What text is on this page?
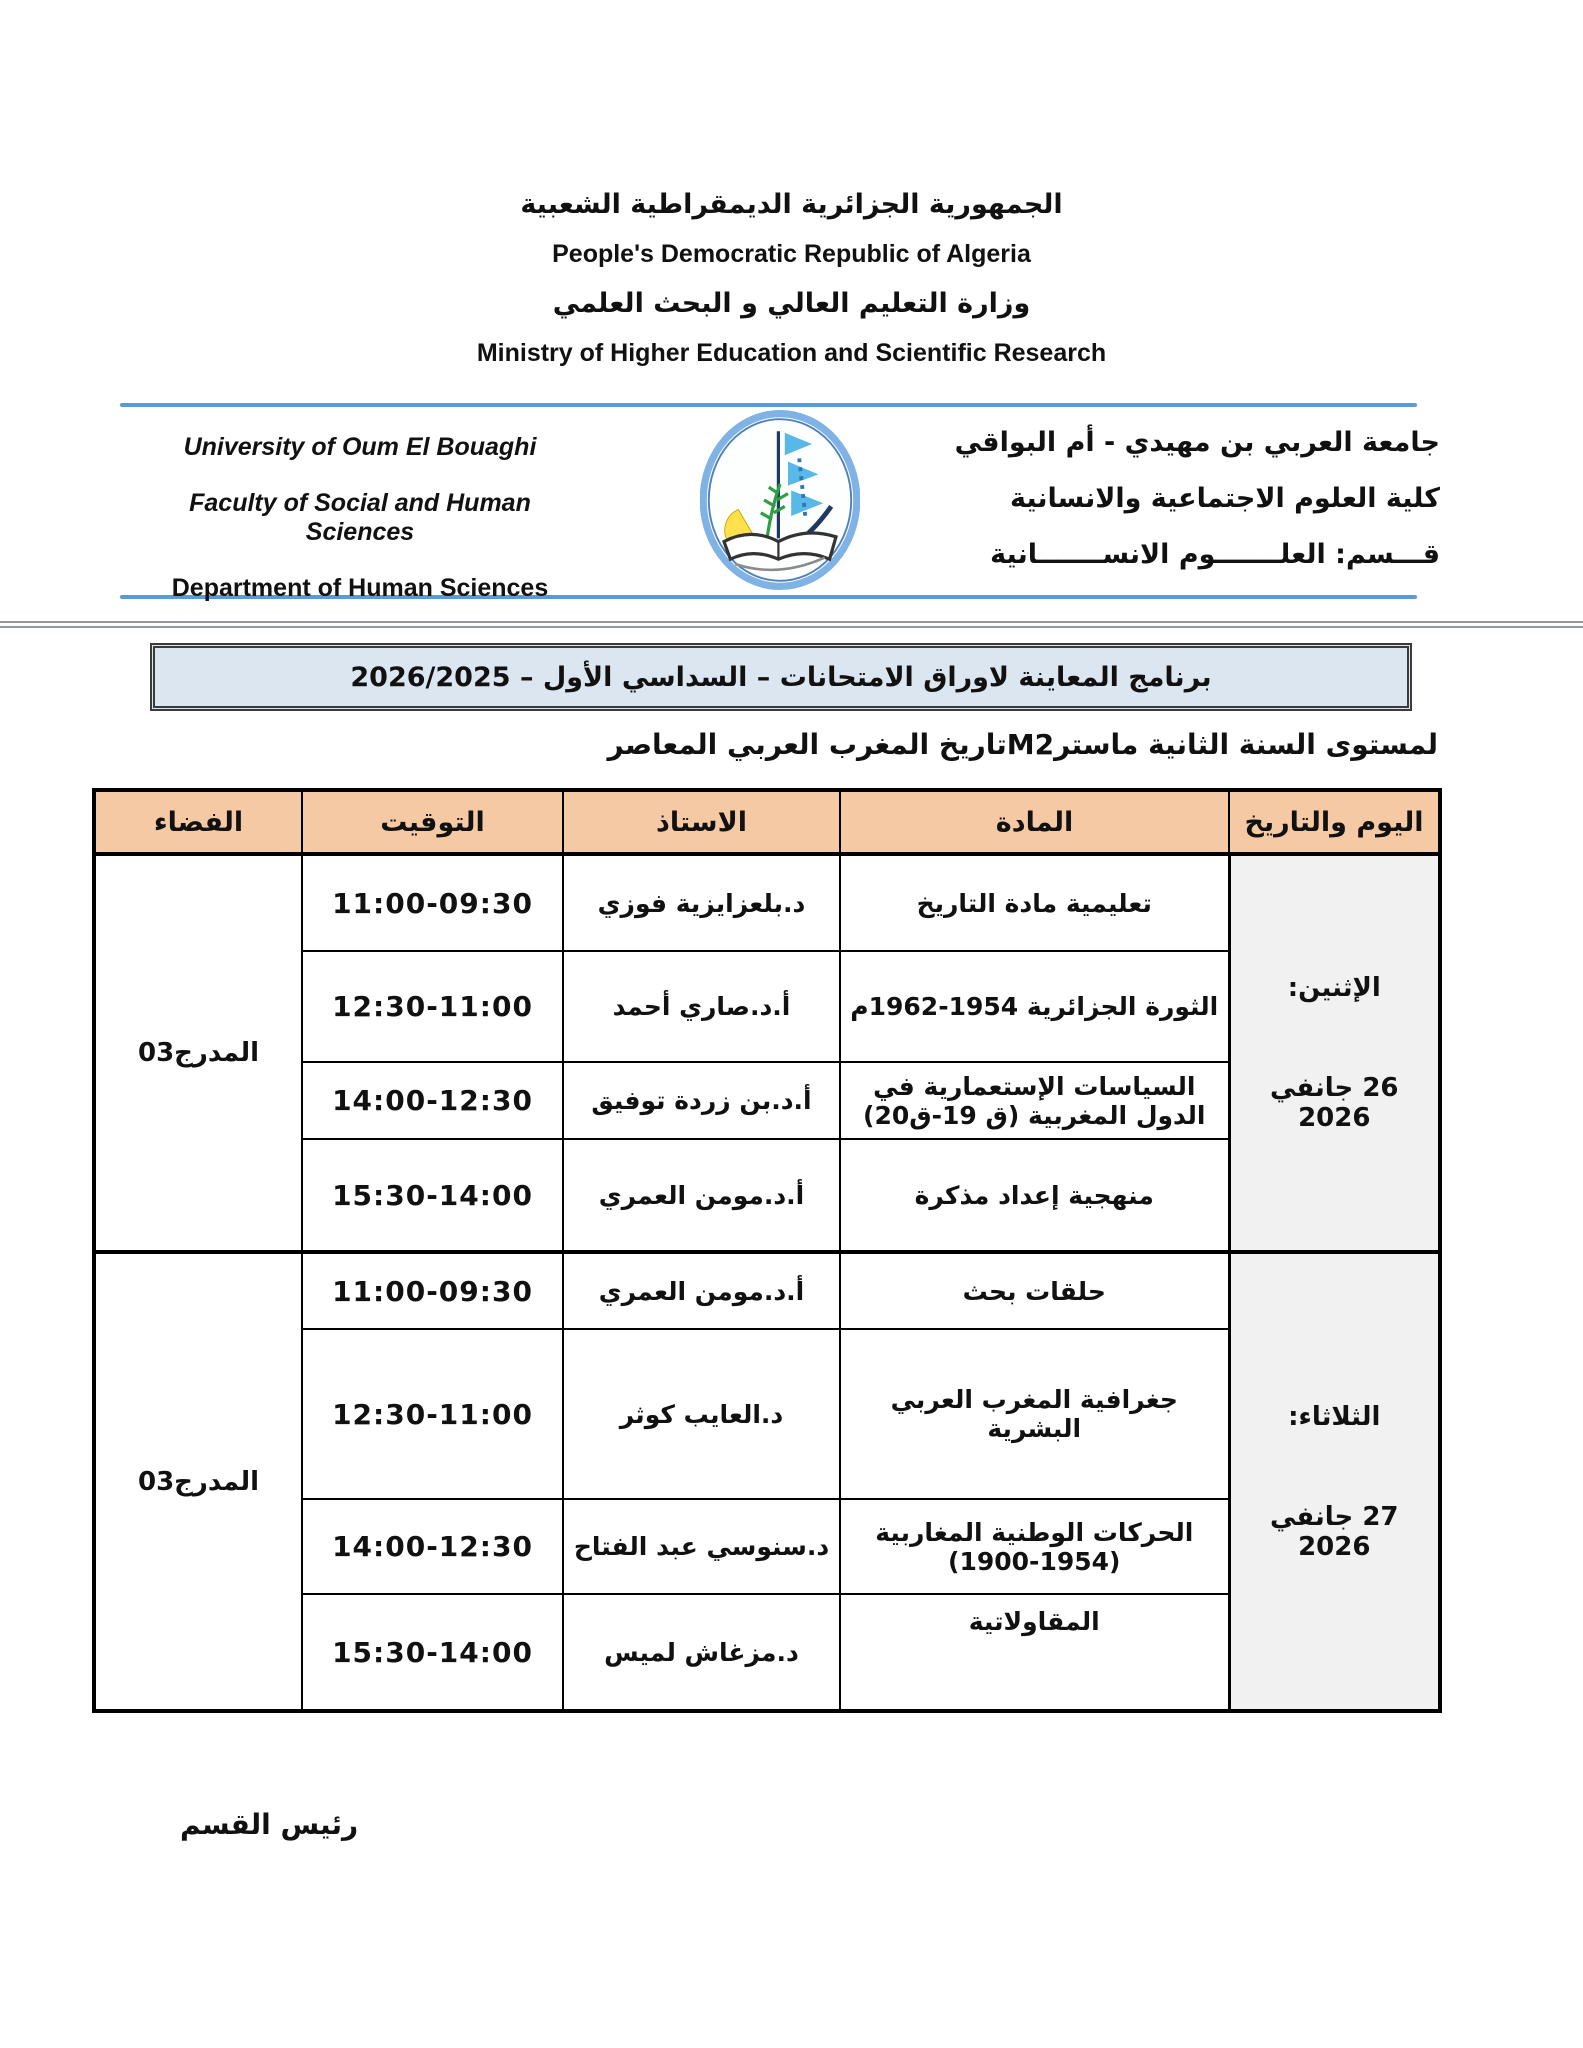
الجمهورية الجزائرية الديمقراطية الشعبية
People's Democratic Republic of Algeria
وزارة التعليم العالي و البحث العلمي
Ministry of Higher Education and Scientific Research
University of Oum El Bouaghi
Faculty of Social and Human Sciences
Department of Human Sciences
جامعة العربي بن مهيدي - أم البواقي
كلية العلوم الاجتماعية والانسانية
قـــسم: العلـــــــوم الانســـــــانية
برنامج المعاينة لاوراق الامتحانات – السداسي الأول – 2026/2025
لمستوى السنة الثانية ماسترM2تاريخ المغرب العربي المعاصر
اليوم والتاريخ	المادة	الاستاذ	التوقيت	الفضاء

الإثنين:
26 جانفي 2026	تعليمية مادة التاريخ	د.بلعزايزية فوزي	11:00-09:30	المدرج03
	الثورة الجزائرية 1954-1962م	أ.د.صاري أحمد	12:30-11:00	
	السياسات الإستعمارية في الدول المغربية (ق 19-ق20)	أ.د.بن زردة توفيق	14:00-12:30	
	منهجية إعداد مذكرة	أ.د.مومن العمري	15:30-14:00	

الثلاثاء:
27 جانفي 2026	حلقات بحث	أ.د.مومن العمري	11:00-09:30	المدرج03
	جغرافية المغرب العربي البشرية	د.العايب كوثر	12:30-11:00	
	الحركات الوطنية المغاربية (1954-1900)	د.سنوسي عبد الفتاح	14:00-12:30	
	المقاولاتية	د.مزغاش لميس	15:30-14:00	
رئيس القسم
